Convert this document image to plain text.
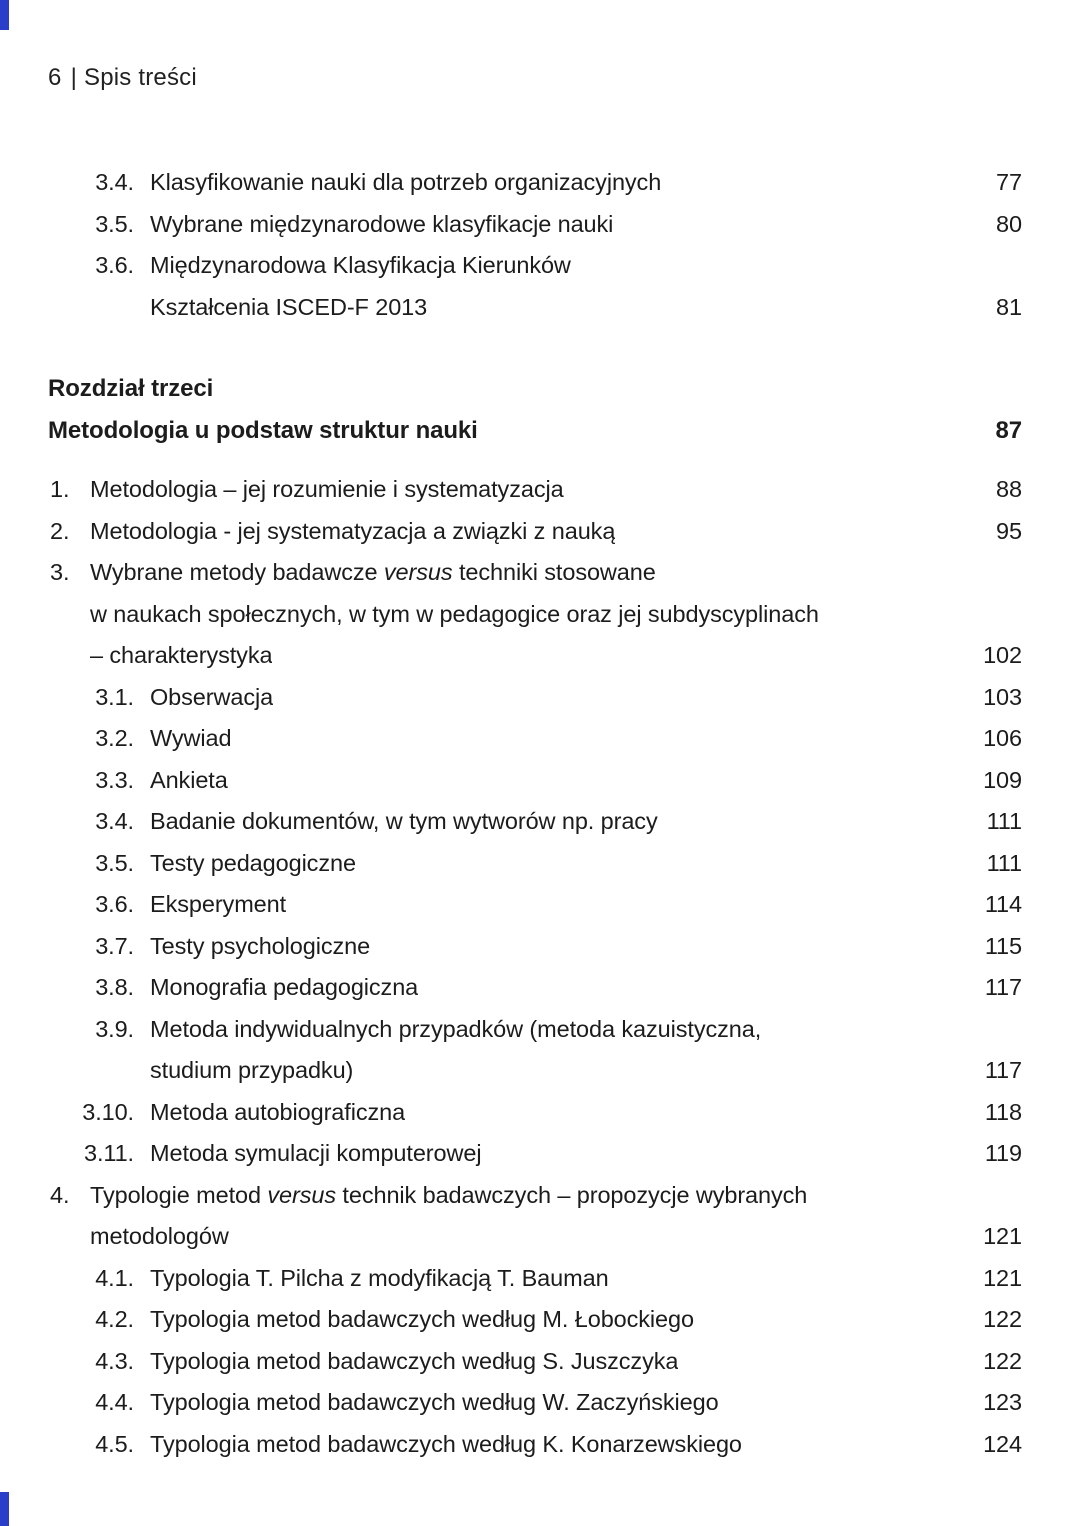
6 | Spis treści
3.4. Klasyfikowanie nauki dla potrzeb organizacyjnych	77
3.5. Wybrane międzynarodowe klasyfikacje nauki	80
3.6. Międzynarodowa Klasyfikacja Kierunków
Kształcenia ISCED-F 2013	81
Rozdział trzeci
Metodologia u podstaw struktur nauki	87
1. Metodologia – jej rozumienie i systematyzacja	88
2. Metodologia - jej systematyzacja a związki z nauką	95
3. Wybrane metody badawcze versus techniki stosowane
w naukach społecznych, w tym w pedagogice oraz jej subdyscyplinach
– charakterystyka	102
3.1. Obserwacja	103
3.2. Wywiad	106
3.3. Ankieta	109
3.4. Badanie dokumentów, w tym wytworów np. pracy	111
3.5. Testy pedagogiczne	111
3.6. Eksperyment	114
3.7. Testy psychologiczne	115
3.8. Monografia pedagogiczna	117
3.9. Metoda indywidualnych przypadków (metoda kazuistyczna,
studium przypadku)	117
3.10. Metoda autobiograficzna	118
3.11. Metoda symulacji komputerowej	119
4. Typologie metod versus technik badawczych – propozycje wybranych
metodologów	121
4.1. Typologia T. Pilcha z modyfikacją T. Bauman	121
4.2. Typologia metod badawczych według M. Łobockiego	122
4.3. Typologia metod badawczych według S. Juszczyka	122
4.4. Typologia metod badawczych według W. Zaczyńskiego	123
4.5. Typologia metod badawczych według K. Konarzewskiego	124
